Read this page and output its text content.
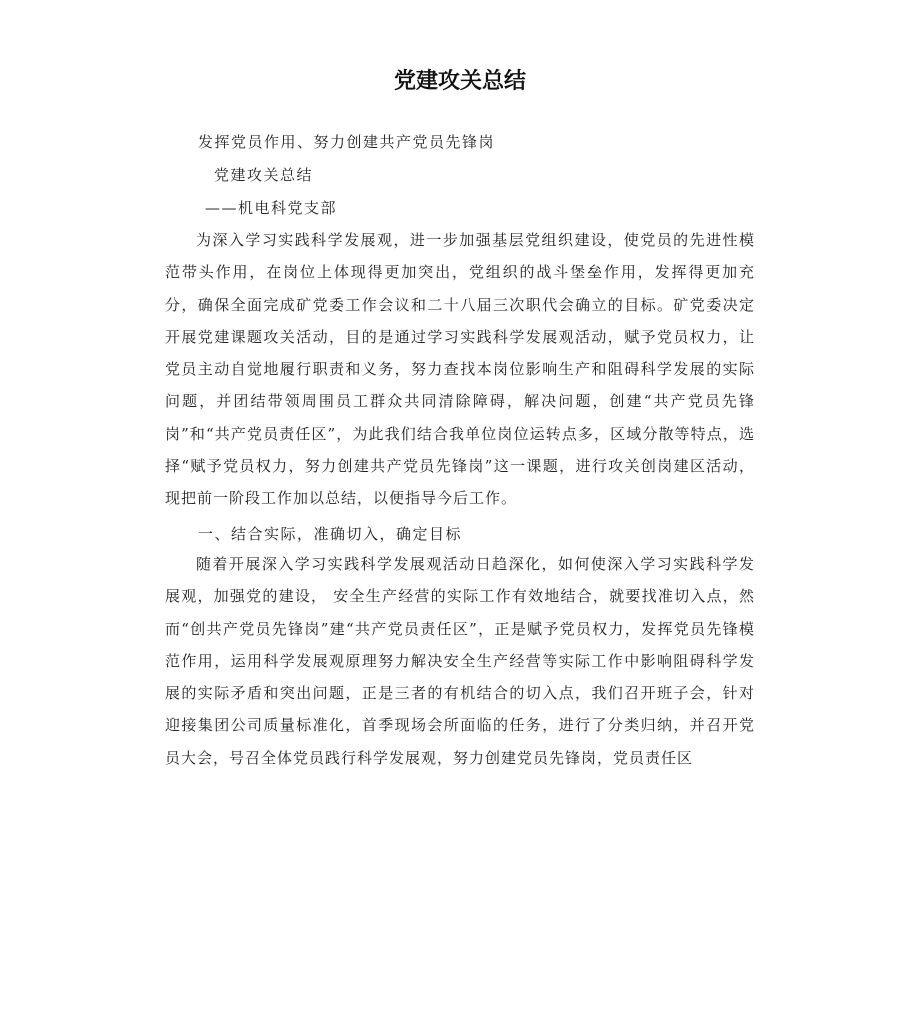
党建攻关总结

发挥党员作用、努力创建共产党员先锋岗

党建攻关总结

——机电科党支部

为深入学习实践科学发展观，进一步加强基层党组织建设，使党员的先进性模范带头作用，在岗位上体现得更加突出，党组织的战斗堡垒作用，发挥得更加充分，确保全面完成矿党委工作会议和二十八届三次职代会确立的目标。矿党委决定开展党建课题攻关活动，目的是通过学习实践科学发展观活动，赋予党员权力，让党员主动自觉地履行职责和义务，努力查找本岗位影响生产和阻碍科学发展的实际问题，并团结带领周围员工群众共同清除障碍，解决问题，创建“共产党员先锋岗”和“共产党员责任区”，为此我们结合我单位岗位运转点多，区域分散等特点，选择“赋予党员权力，努力创建共产党员先锋岗”这一课题，进行攻关创岗建区活动，现把前一阶段工作加以总结，以便指导今后工作。

一、结合实际，准确切入，确定目标

随着开展深入学习实践科学发展观活动日趋深化，如何使深入学习实践科学发展观，加强党的建设， 安全生产经营的实际工作有效地结合，就要找准切入点，然而“创共产党员先锋岗”建“共产党员责任区”，正是赋予党员权力，发挥党员先锋模范作用，运用科学发展观原理努力解决安全生产经营等实际工作中影响阻碍科学发展的实际矛盾和突出问题，正是三者的有机结合的切入点，我们召开班子会，针对迎接集团公司质量标准化，首季现场会所面临的任务，进行了分类归纳，并召开党员大会，号召全体党员践行科学发展观，努力创建党员先锋岗，党员责任区
